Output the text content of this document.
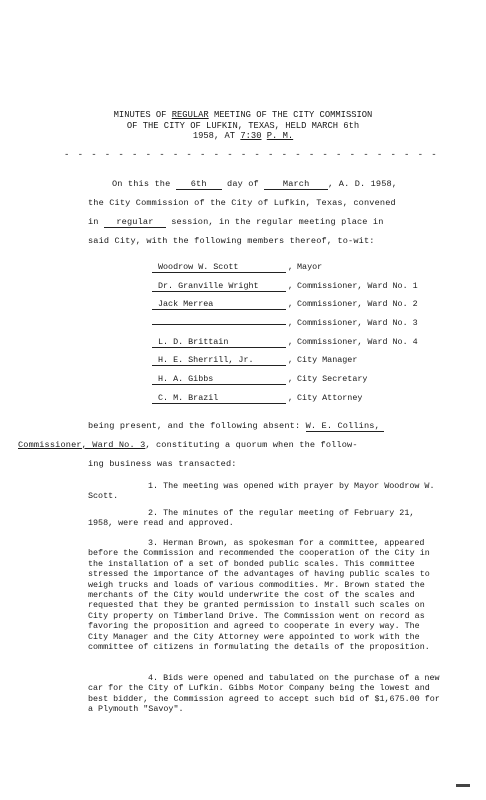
MINUTES OF REGULAR MEETING OF THE CITY COMMISSION
OF THE CITY OF LUFKIN, TEXAS, HELD MARCH 6th
1958, AT 7:30 P. M.
- - - - - - - - - - - - - - - - - - - - - - - - - - - -
On this the 6th day of	March , A. D. 1958,
the City Commission of the City of Lufkin, Texas, convened
in regular session, in the regular meeting place in
said City, with the following members thereof, to-wit:
Woodrow W. Scott	, Mayor
Dr. Granville Wright	, Commissioner, Ward No. 1
Jack Merrea	, Commissioner, Ward No. 2
, Commissioner, Ward No. 3
L. D. Brittain	, Commissioner, Ward No. 4
H. E. Sherrill, Jr.	, City Manager
H. A. Gibbs	, City Secretary
C. M. Brazil	, City Attorney
being present, and the following absent: W. E. Collins,
Commissioner, Ward No. 3, constituting a quorum when the follow-
ing business was transacted:
1. The meeting was opened with prayer by Mayor Woodrow W. Scott.
2. The minutes of the regular meeting of February 21, 1958, were read and approved.
3. Herman Brown, as spokesman for a committee, appeared before the Commission and recommended the cooperation of the City in the installation of a set of bonded public scales. This committee stressed the importance of the advantages of having public scales to weigh trucks and loads of various commodities. Mr. Brown stated the merchants of the City would underwrite the cost of the scales and requested that they be granted permission to install such scales on City property on Timberland Drive. The Commission went on record as favoring the proposition and agreed to cooperate in every way. The City Manager and the City Attorney were appointed to work with the committee of citizens in formulating the details of the proposition.
4. Bids were opened and tabulated on the purchase of a new car for the City of Lufkin. Gibbs Motor Company being the lowest and best bidder, the Commission agreed to accept such bid of $1,675.00 for a Plymouth "Savoy".
